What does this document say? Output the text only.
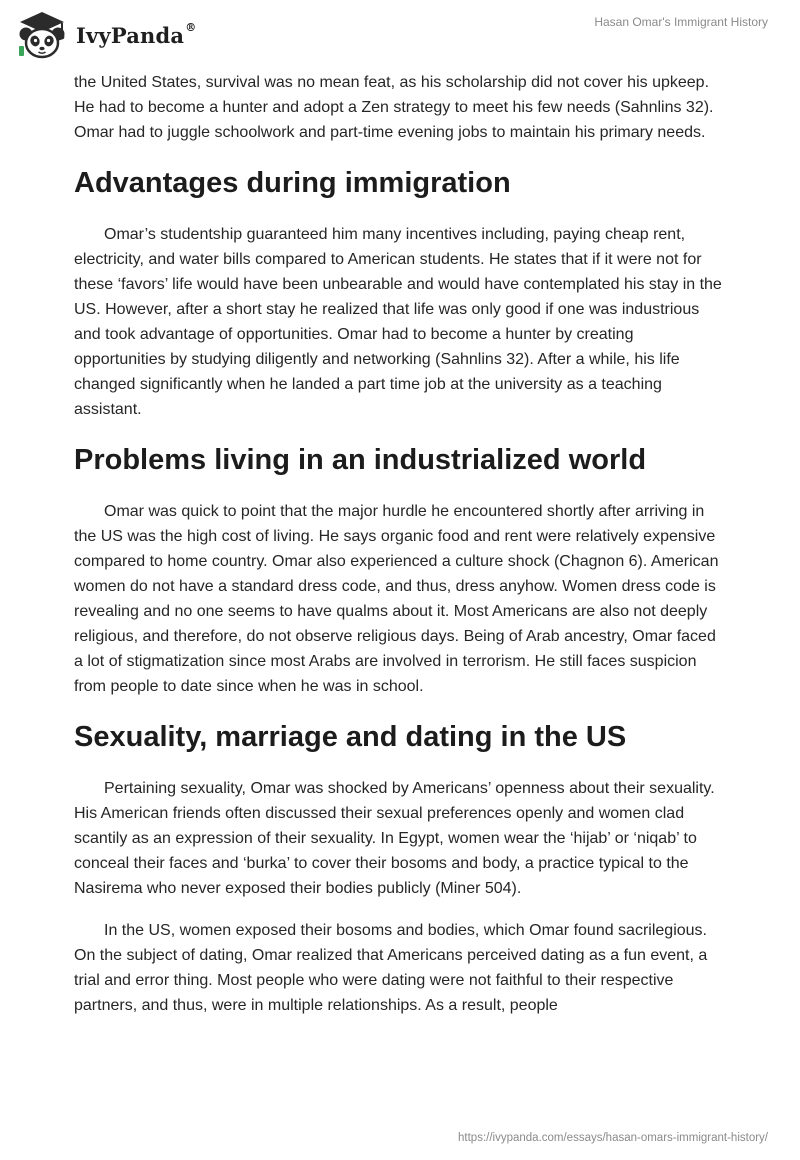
IvyPanda®	Hasan Omar's Immigrant History

the United States, survival was no mean feat, as his scholarship did not cover his upkeep. He had to become a hunter and adopt a Zen strategy to meet his few needs (Sahnlins 32). Omar had to juggle schoolwork and part-time evening jobs to maintain his primary needs.

Advantages during immigration

Omar’s studentship guaranteed him many incentives including, paying cheap rent, electricity, and water bills compared to American students. He states that if it were not for these ‘favors’ life would have been unbearable and would have contemplated his stay in the US. However, after a short stay he realized that life was only good if one was industrious and took advantage of opportunities. Omar had to become a hunter by creating opportunities by studying diligently and networking (Sahnlins 32). After a while, his life changed significantly when he landed a part time job at the university as a teaching assistant.

Problems living in an industrialized world

Omar was quick to point that the major hurdle he encountered shortly after arriving in the US was the high cost of living. He says organic food and rent were relatively expensive compared to home country. Omar also experienced a culture shock (Chagnon 6). American women do not have a standard dress code, and thus, dress anyhow. Women dress code is revealing and no one seems to have qualms about it. Most Americans are also not deeply religious, and therefore, do not observe religious days. Being of Arab ancestry, Omar faced a lot of stigmatization since most Arabs are involved in terrorism. He still faces suspicion from people to date since when he was in school.

Sexuality, marriage and dating in the US

Pertaining sexuality, Omar was shocked by Americans’ openness about their sexuality. His American friends often discussed their sexual preferences openly and women clad scantily as an expression of their sexuality. In Egypt, women wear the ‘hijab’ or ‘niqab’ to conceal their faces and ‘burka’ to cover their bosoms and body, a practice typical to the Nasirema who never exposed their bodies publicly (Miner 504).

In the US, women exposed their bosoms and bodies, which Omar found sacrilegious. On the subject of dating, Omar realized that Americans perceived dating as a fun event, a trial and error thing. Most people who were dating were not faithful to their respective partners, and thus, were in multiple relationships. As a result, people

https://ivypanda.com/essays/hasan-omars-immigrant-history/
